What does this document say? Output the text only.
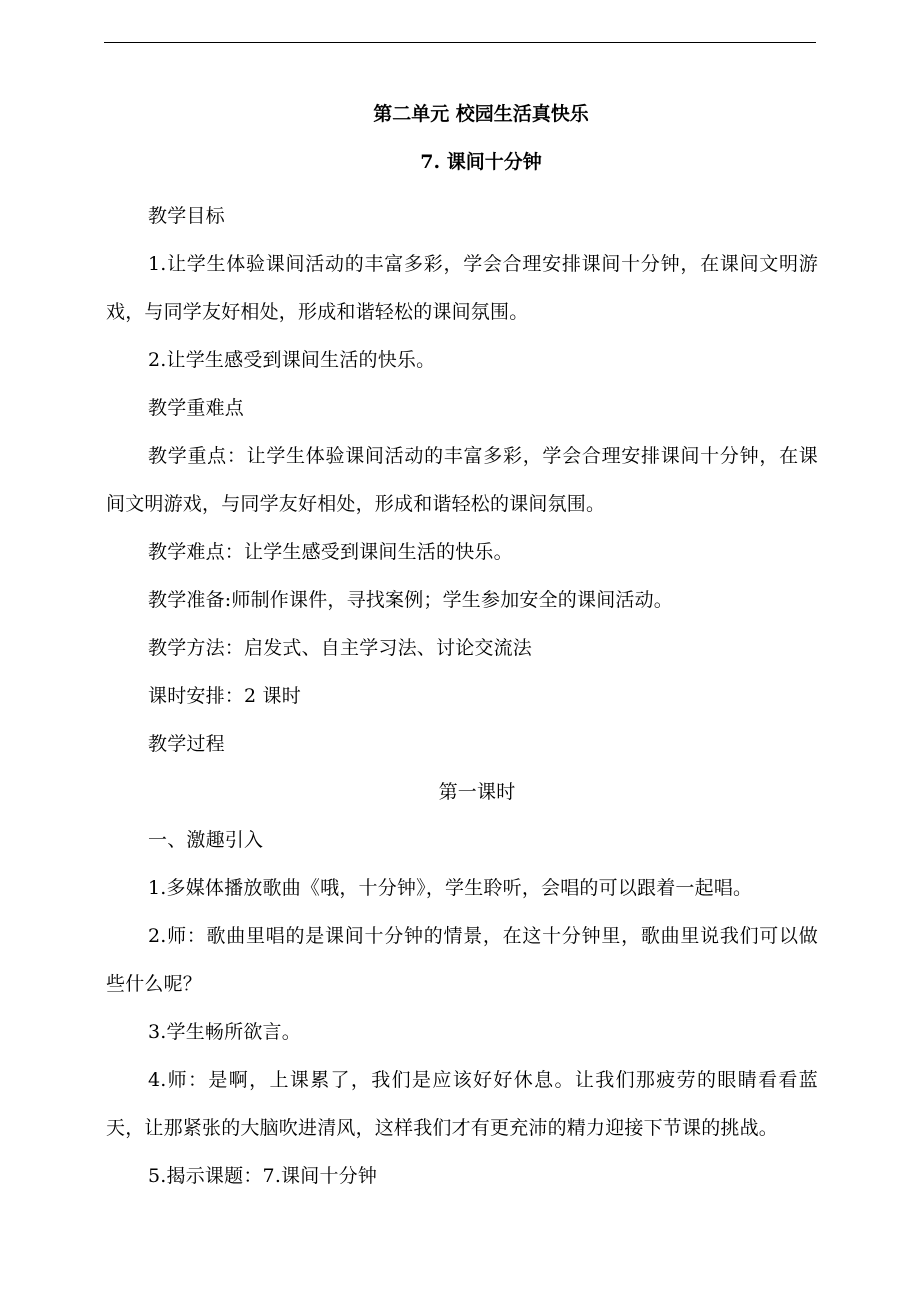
第二单元 校园生活真快乐

7. 课间十分钟

教学目标

1.让学生体验课间活动的丰富多彩，学会合理安排课间十分钟，在课间文明游戏，与同学友好相处，形成和谐轻松的课间氛围。

2.让学生感受到课间生活的快乐。

教学重难点

教学重点：让学生体验课间活动的丰富多彩，学会合理安排课间十分钟，在课间文明游戏，与同学友好相处，形成和谐轻松的课间氛围。

教学难点：让学生感受到课间生活的快乐。

教学准备:师制作课件，寻找案例；学生参加安全的课间活动。

教学方法：启发式、自主学习法、讨论交流法

课时安排：2 课时

教学过程

第一课时

一、激趣引入

1.多媒体播放歌曲《哦，十分钟》，学生聆听，会唱的可以跟着一起唱。

2.师：歌曲里唱的是课间十分钟的情景，在这十分钟里，歌曲里说我们可以做些什么呢？

3.学生畅所欲言。

4.师：是啊，上课累了，我们是应该好好休息。让我们那疲劳的眼睛看看蓝天，让那紧张的大脑吹进清风，这样我们才有更充沛的精力迎接下节课的挑战。

5.揭示课题：7.课间十分钟
